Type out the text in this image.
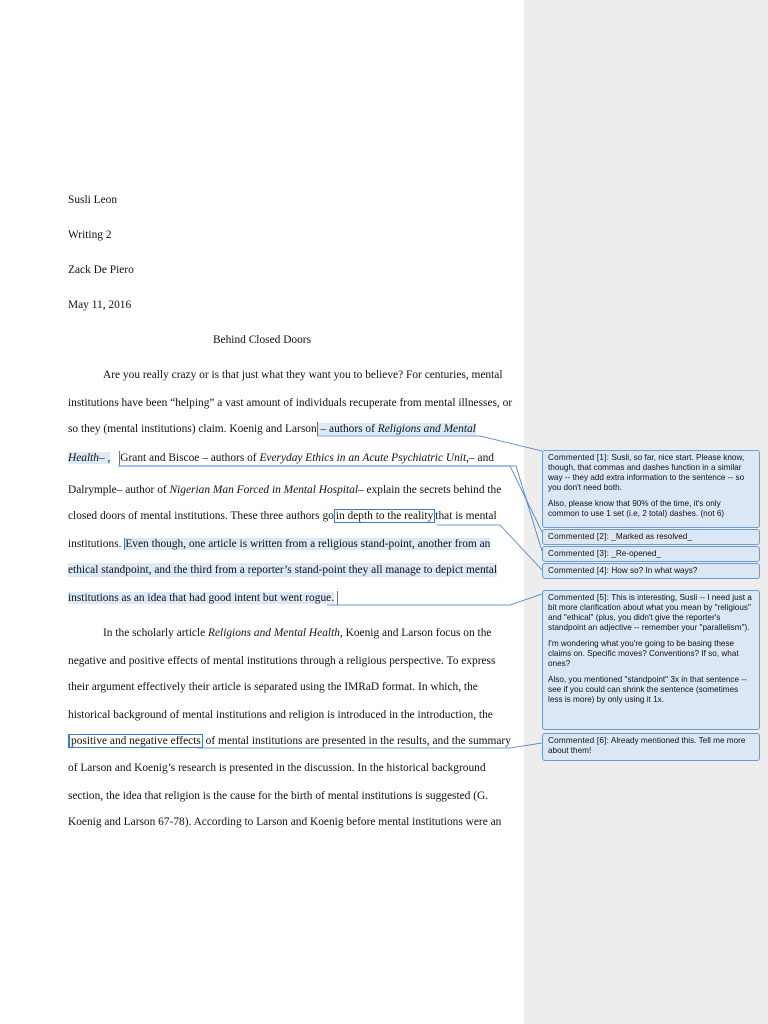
Susli Leon
Writing 2
Zack De Piero
May 11, 2016
Behind Closed Doors
Are you really crazy or is that just what they want you to believe? For centuries, mental
institutions have been “helping” a vast amount of individuals recuperate from mental illnesses, or
so they (mental institutions) claim. Koenig and Larson – authors of Religions and Mental
Health– , Grant and Biscoe – authors of Everyday Ethics in an Acute Psychiatric Unit,– and
Dalrymple– author of Nigerian Man Forced in Mental Hospital– explain the secrets behind the
closed doors of mental institutions. These three authors go in depth to the reality that is mental
institutions. Even though, one article is written from a religious stand-point, another from an
ethical standpoint, and the third from a reporter’s stand-point they all manage to depict mental
institutions as an idea that had good intent but went rogue.
In the scholarly article Religions and Mental Health, Koenig and Larson focus on the
negative and positive effects of mental institutions through a religious perspective. To express
their argument effectively their article is separated using the IMRaD format. In which, the
historical background of mental institutions and religion is introduced in the introduction, the
positive and negative effects of mental institutions are presented in the results, and the summary
of Larson and Koenig’s research is presented in the discussion. In the historical background
section, the idea that religion is the cause for the birth of mental institutions is suggested (G.
Koenig and Larson 67-78). According to Larson and Koenig before mental institutions were an

Commented [1]: Susli, so far, nice start. Please know, though, that commas and dashes function in a similar way -- they add extra information to the sentence -- so you don't need both.

Also, please know that 90% of the time, it's only common to use 1 set (i.e, 2 total) dashes. (not 6)

Commented [2]: _Marked as resolved_
Commented [3]: _Re-opened_
Commented [4]: How so? In what ways?

Commented [5]: This is interesting, Susli -- I need just a bit more clarification about what you mean by "religious" and "ethical" (plus, you didn't give the reporter's standpoint an adjective -- remember your "parallelism").

I'm wondering what you're going to be basing these claims on. Specific moves? Conventions? If so, what ones?

Also, you mentioned "standpoint" 3x in that sentence -- see if you could can shrink the sentence (sometimes less is more) by only using it 1x.

Commented [6]: Already mentioned this. Tell me more about them!
